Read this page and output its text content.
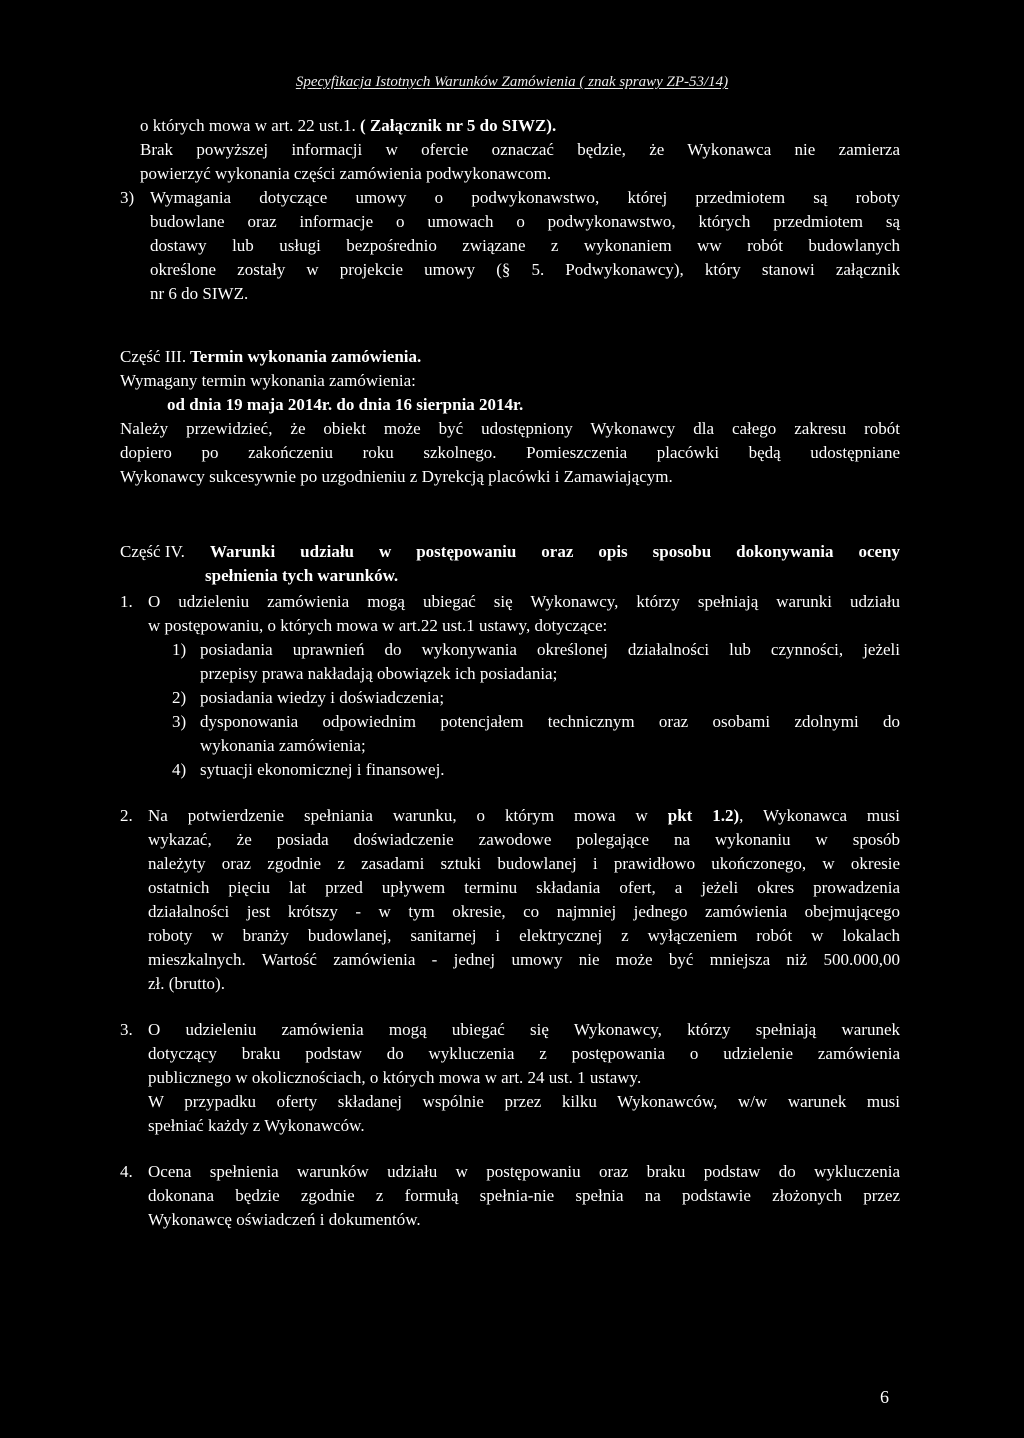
Specyfikacja Istotnych Warunków Zamówienia ( znak sprawy ZP-53/14)
o których mowa w art. 22 ust.1. ( Załącznik nr 5 do SIWZ).
Brak powyższej informacji w ofercie oznaczać będzie, że Wykonawca nie zamierza
powierzyć wykonania części zamówienia podwykonawcom.
3) Wymagania dotyczące umowy o podwykonawstwo, której przedmiotem są roboty
budowlane oraz informacje o umowach o podwykonawstwo, których przedmiotem są
dostawy lub usługi bezpośrednio związane z wykonaniem ww robót budowlanych
określone zostały w projekcie umowy (§ 5. Podwykonawcy), który stanowi załącznik
nr 6 do SIWZ.
Część III. Termin wykonania zamówienia.
Wymagany termin wykonania zamówienia:
od dnia 19 maja 2014r. do dnia 16 sierpnia 2014r.
Należy przewidzieć, że obiekt może być udostępniony Wykonawcy dla całego zakresu robót
dopiero po zakończeniu roku szkolnego. Pomieszczenia placówki będą udostępniane
Wykonawcy sukcesywnie po uzgodnieniu z Dyrekcją placówki i Zamawiającym.
Część IV.	Warunki udziału w postępowaniu oraz opis sposobu dokonywania oceny
spełnienia tych warunków.
1. O udzieleniu zamówienia mogą ubiegać się Wykonawcy, którzy spełniają warunki udziału
w postępowaniu, o których mowa w art.22 ust.1 ustawy, dotyczące:
1) posiadania uprawnień do wykonywania określonej działalności lub czynności, jeżeli
przepisy prawa nakładają obowiązek ich posiadania;
2) posiadania wiedzy i doświadczenia;
3) dysponowania odpowiednim potencjałem technicznym oraz osobami zdolnymi do
wykonania zamówienia;
4) sytuacji ekonomicznej i finansowej.
2. Na potwierdzenie spełniania warunku, o którym mowa w pkt 1.2), Wykonawca musi
wykazać, że posiada doświadczenie zawodowe polegające na wykonaniu w sposób
należyty oraz zgodnie z zasadami sztuki budowlanej i prawidłowo ukończonego, w okresie
ostatnich pięciu lat przed upływem terminu składania ofert, a jeżeli okres prowadzenia
działalności jest krótszy - w tym okresie, co najmniej jednego zamówienia obejmującego
roboty w branży budowlanej, sanitarnej i elektrycznej z wyłączeniem robót w lokalach
mieszkalnych. Wartość zamówienia - jednej umowy nie może być mniejsza niż 500.000,00
zł. (brutto).
3. O udzieleniu zamówienia mogą ubiegać się Wykonawcy, którzy spełniają warunek
dotyczący braku podstaw do wykluczenia z postępowania o udzielenie zamówienia
publicznego w okolicznościach, o których mowa w art. 24 ust. 1 ustawy.
W przypadku oferty składanej wspólnie przez kilku Wykonawców, w/w warunek musi
spełniać każdy z Wykonawców.
4. Ocena spełnienia warunków udziału w postępowaniu oraz braku podstaw do wykluczenia
dokonana będzie zgodnie z formułą spełnia-nie spełnia na podstawie złożonych przez
Wykonawcę oświadczeń i dokumentów.
6
